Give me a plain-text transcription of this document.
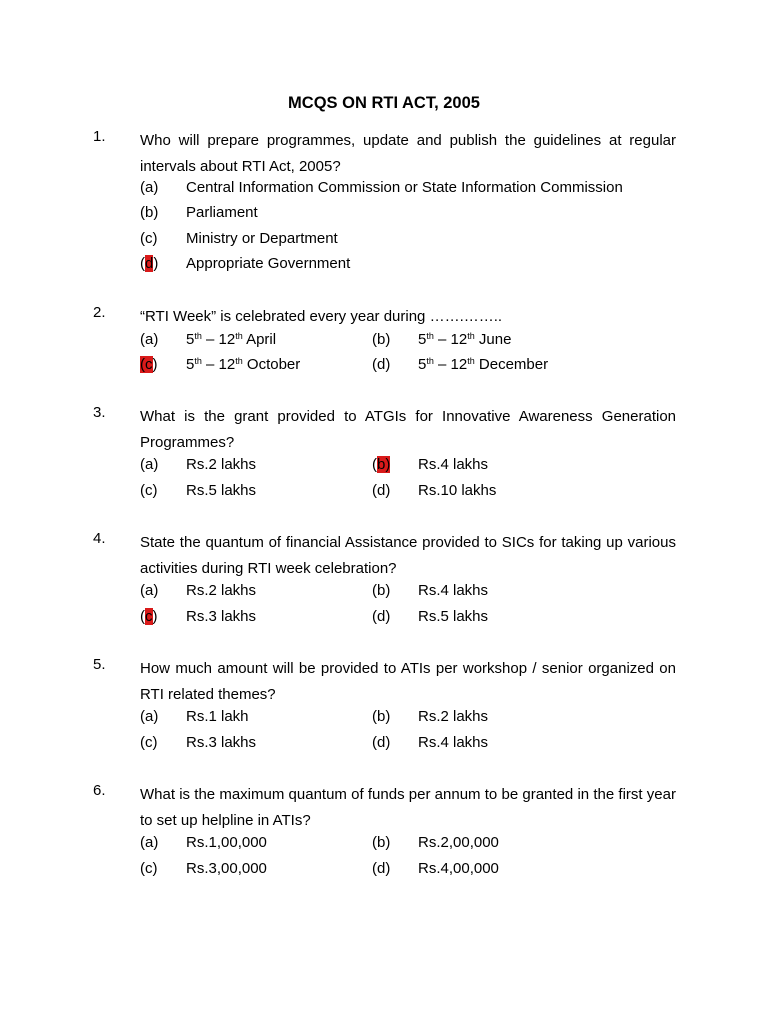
MCQS ON RTI ACT, 2005
1. Who will prepare programmes, update and publish the guidelines at regular intervals about RTI Act, 2005?
(a) Central Information Commission or State Information Commission
(b) Parliament
(c) Ministry or Department
(d) Appropriate Government
2. “RTI Week” is celebrated every year during …….……..
(a) 5th – 12th April	(b) 5th – 12th June
(c) 5th – 12th October	(d) 5th – 12th December
3. What is the grant provided to ATGIs for Innovative Awareness Generation Programmes?
(a) Rs.2 lakhs	(b) Rs.4 lakhs
(c) Rs.5 lakhs	(d) Rs.10 lakhs
4. State the quantum of financial Assistance provided to SICs for taking up various activities during RTI week celebration?
(a) Rs.2 lakhs	(b) Rs.4 lakhs
(c) Rs.3 lakhs	(d) Rs.5 lakhs
5. How much amount will be provided to ATIs per workshop / senior organized on RTI related themes?
(a) Rs.1 lakh	(b) Rs.2 lakhs
(c) Rs.3 lakhs	(d) Rs.4 lakhs
6. What is the maximum quantum of funds per annum to be granted in the first year to set up helpline in ATIs?
(a) Rs.1,00,000	(b) Rs.2,00,000
(c) Rs.3,00,000	(d) Rs.4,00,000
